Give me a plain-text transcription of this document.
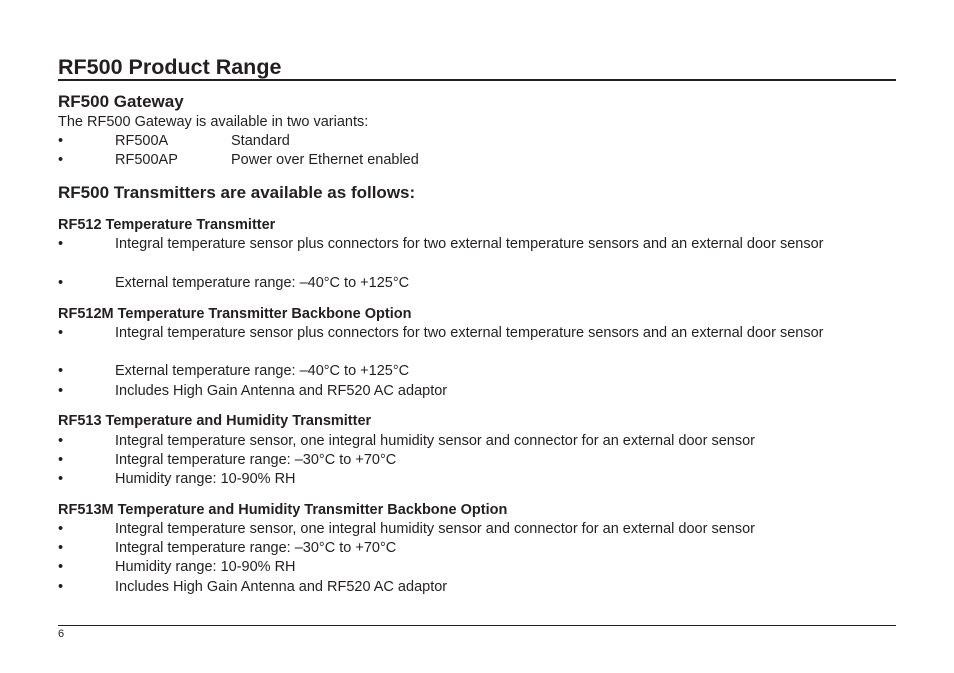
RF500 Product Range
RF500 Gateway

The RF500 Gateway is available in two variants:

•	RF500A	Standard
•	RF500AP	Power over Ethernet enabled
RF500 Transmitters are available as follows:
RF512 Temperature Transmitter
•	Integral temperature sensor plus connectors for two external temperature sensors and an external door sensor
•	External temperature range: –40°C to +125°C
RF512M Temperature Transmitter Backbone Option
•	Integral temperature sensor plus connectors for two external temperature sensors and an external door sensor
•	External temperature range: –40°C to +125°C
•	Includes High Gain Antenna and RF520 AC adaptor
RF513 Temperature and Humidity Transmitter
•	Integral temperature sensor, one integral humidity sensor and connector for an external door sensor
•	Integral temperature range: –30°C to +70°C
•	Humidity range: 10-90% RH
RF513M Temperature and Humidity Transmitter Backbone Option
•	Integral temperature sensor, one integral humidity sensor and connector for an external door sensor
•	Integral temperature range: –30°C to +70°C
•	Humidity range: 10-90% RH
•	Includes High Gain Antenna and RF520 AC adaptor
6
